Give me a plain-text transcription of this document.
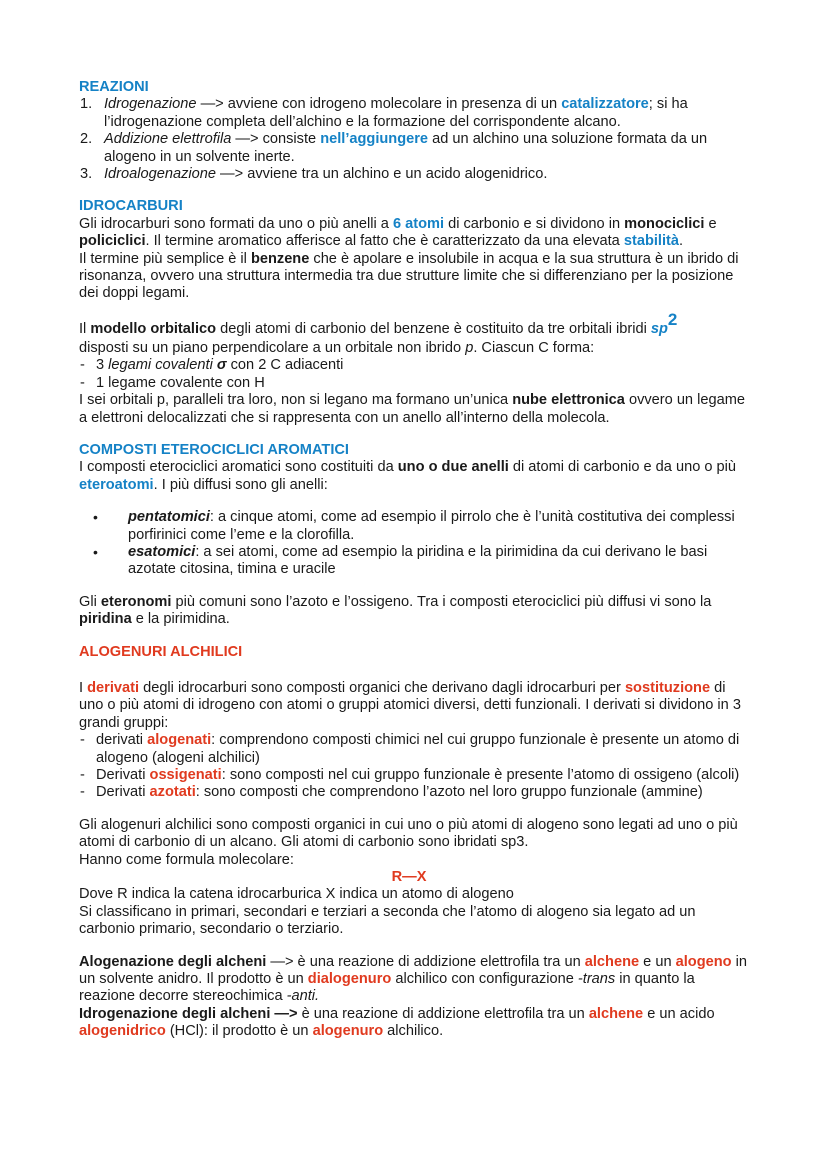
REAZIONI

1. Idrogenazione —> avviene con idrogeno molecolare in presenza di un catalizzatore; si ha l’idrogenazione completa dell’alchino e la formazione del corrispondente alcano.
2. Addizione elettrofila —> consiste nell’aggiungere ad un alchino una soluzione formata da un alogeno in un solvente inerte.
3. Idroalogenazione —> avviene tra un alchino e un acido alogenidrico.

IDROCARBURI

Gli idrocarburi sono formati da uno o più anelli a 6 atomi di carbonio e si dividono in monociclici e policiclici. Il termine aromatico afferisce al fatto che è caratterizzato da una elevata stabilità.

Il termine più semplice è il benzene che è apolare e insolubile in acqua e la sua struttura è un ibrido di risonanza, ovvero una struttura intermedia tra due strutture limite che si differenziano per la posizione dei doppi legami.

Il modello orbitalico degli atomi di carbonio del benzene è costituito da tre orbitali ibridi $sp^2$

disposti su un piano perpendicolare a un orbitale non ibrido p. Ciascun C forma:

- 3 legami covalenti σ con 2 C adiacenti
- 1 legame covalente con H

I sei orbitali p, paralleli tra loro, non si legano ma formano un’unica nube elettronica ovvero un legame a elettroni delocalizzati che si rappresenta con un anello all’interno della molecola.

COMPOSTI ETEROCICLICI AROMATICI

I composti eterociclici aromatici sono costituiti da uno o due anelli di atomi di carbonio e da uno o più eteroatomi. I più diffusi sono gli anelli:

• pentatomici: a cinque atomi, come ad esempio il pirrolo che è l’unità costitutiva dei complessi porfirinici come l’eme e la clorofilla.
• esatomici: a sei atomi, come ad esempio la piridina e la pirimidina da cui derivano le basi azotate citosina, timina e uracile

Gli eteronomi più comuni sono l’azoto e l’ossigeno. Tra i composti eterociclici più diffusi vi sono la piridina e la pirimidina.

ALOGENURI ALCHILICI

I derivati degli idrocarburi sono composti organici che derivano dagli idrocarburi per sostituzione di uno o più atomi di idrogeno con atomi o gruppi atomici diversi, detti funzionali. I derivati si dividono in 3 grandi gruppi:

- derivati alogenati: comprendono composti chimici nel cui gruppo funzionale è presente un atomo di alogeno (alogeni alchilici)
- Derivati ossigenati: sono composti nel cui gruppo funzionale è presente l’atomo di ossigeno (alcoli)
- Derivati azotati: sono composti che comprendono l’azoto nel loro gruppo funzionale (ammine)

Gli alogenuri alchilici sono composti organici in cui uno o più atomi di alogeno sono legati ad uno o più atomi di carbonio di un alcano. Gli atomi di carbonio sono ibridati sp3.

Hanno come formula molecolare:

R—X

Dove R indica la catena idrocarburica X indica un atomo di alogeno

Si classificano in primari, secondari e terziari a seconda che l’atomo di alogeno sia legato ad un carbonio primario, secondario o terziario.

Alogenazione degli alcheni —> è una reazione di addizione elettrofila tra un alchene e un alogeno in un solvente anidro. Il prodotto è un dialogenuro alchilico con configurazione -trans in quanto la reazione decorre stereochimica -anti.

Idrogenazione degli alcheni —> è una reazione di addizione elettrofila tra un alchene e un acido alogenidrico (HCl): il prodotto è un alogenuro alchilico.
